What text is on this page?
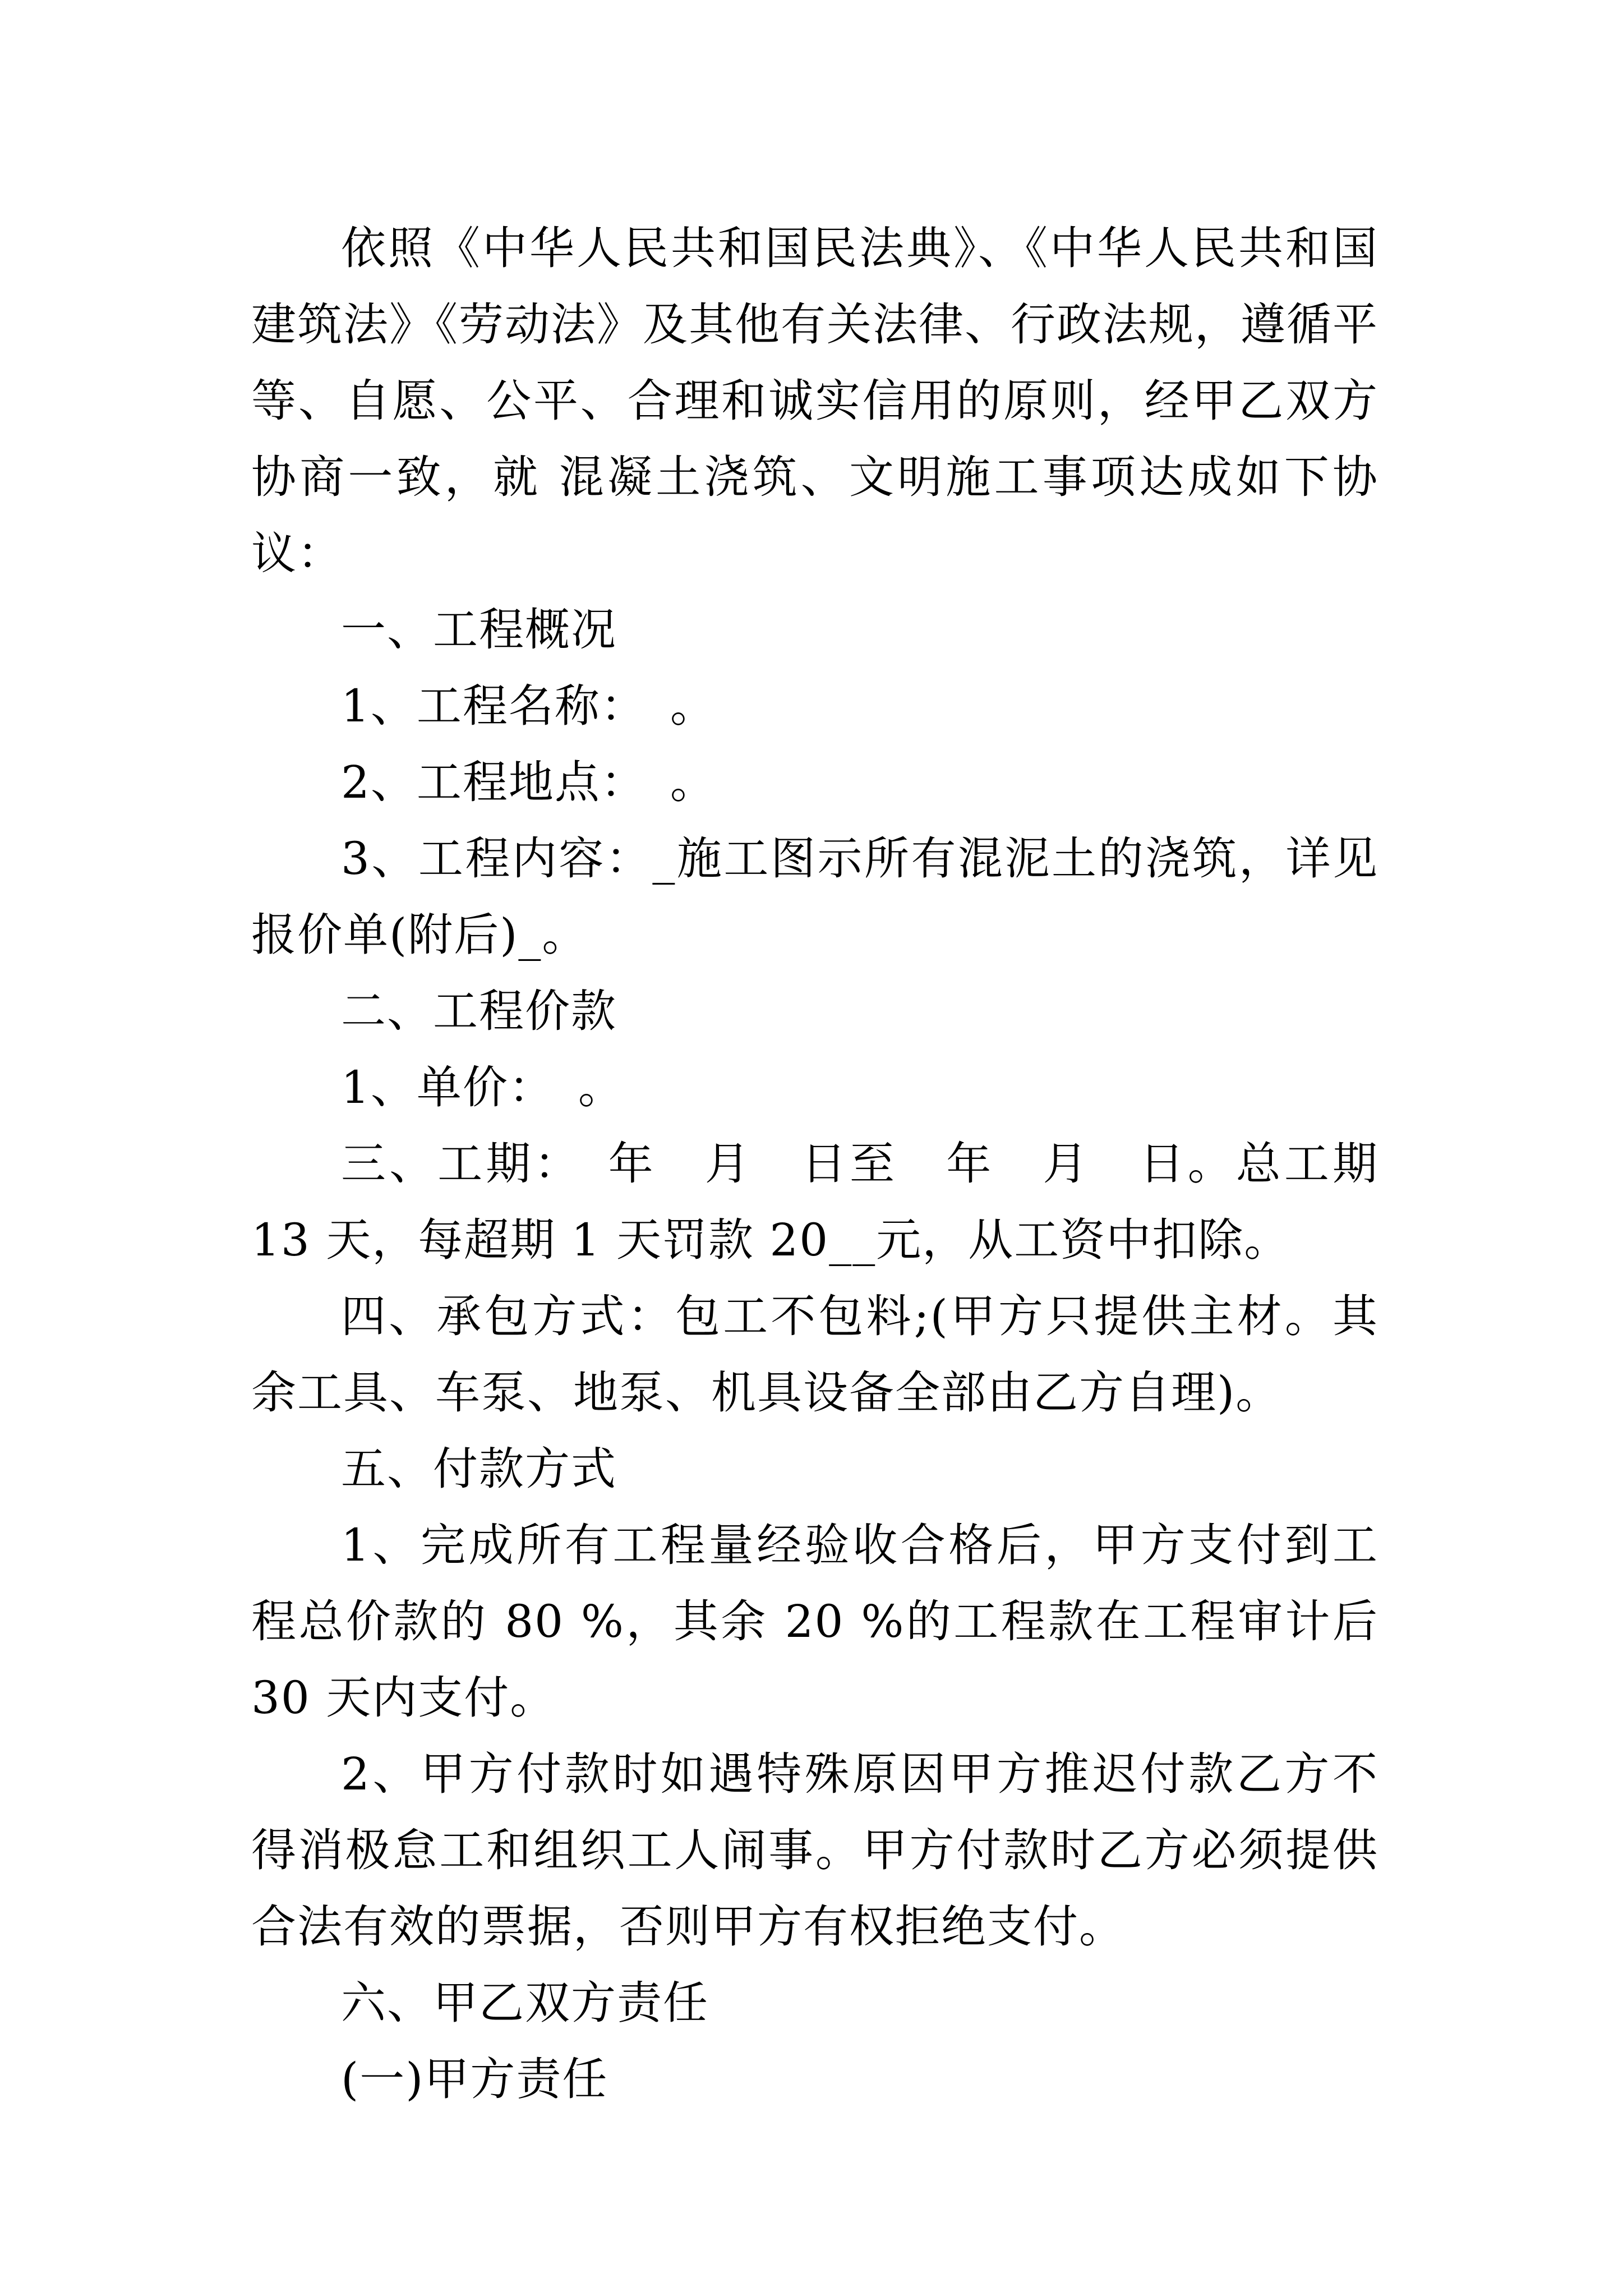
依照《中华人民共和国民法典》、《中华人民共和国建筑法》《劳动法》及其他有关法律、行政法规，遵循平等、自愿、公平、合理和诚实信用的原则，经甲乙双方协商一致，就 混凝土浇筑、文明施工事项达成如下协议：

一、工程概况

1、工程名称：　。

2、工程地点：　。

3、工程内容：_施工图示所有混泥土的浇筑，详见报价单(附后)_。

二、工程价款

1、单价：　。

三、工期：　年　月　日至　年　月　日。总工期 13 天，每超期 1 天罚款 20__元，从工资中扣除。

四、承包方式：包工不包料;(甲方只提供主材。其余工具、车泵、地泵、机具设备全部由乙方自理)。

五、付款方式

1、完成所有工程量经验收合格后，甲方支付到工程总价款的 80 %，其余 20 %的工程款在工程审计后30 天内支付。

2、甲方付款时如遇特殊原因甲方推迟付款乙方不得消极怠工和组织工人闹事。甲方付款时乙方必须提供合法有效的票据，否则甲方有权拒绝支付。

六、甲乙双方责任

(一)甲方责任
